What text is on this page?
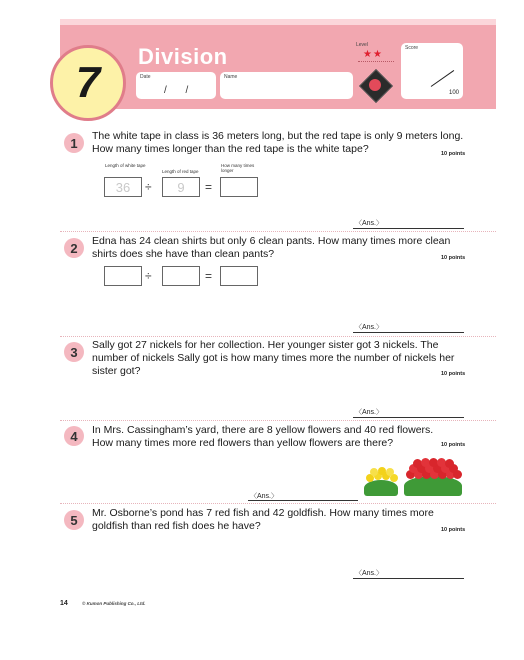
7
Division
Date
/ /
Name
Level
★★
Score
100
1	The white tape in class is 36 meters long, but the red tape is only 9 meters long.
How many times longer than the red tape is the white tape?	10 points
Length of white tape
Length of red tape
How many times longer
36	÷	9	=
〈Ans.〉
2	Edna has 24 clean shirts but only 6 clean pants. How many times more clean
shirts does she have than clean pants?	10 points
÷	=
〈Ans.〉
3	Sally got 27 nickels for her collection. Her younger sister got 3 nickels. The
number of nickels Sally got is how many times more the number of nickels her
sister got?	10 points
〈Ans.〉
4	In Mrs. Cassingham’s yard, there are 8 yellow flowers and 40 red flowers.
How many times more red flowers than yellow flowers are there?	10 points
〈Ans.〉
5	Mr. Osborne’s pond has 7 red fish and 42 goldfish. How many times more
goldfish than red fish does he have?	10 points
〈Ans.〉
14	© Kumon Publishing Co., Ltd.
